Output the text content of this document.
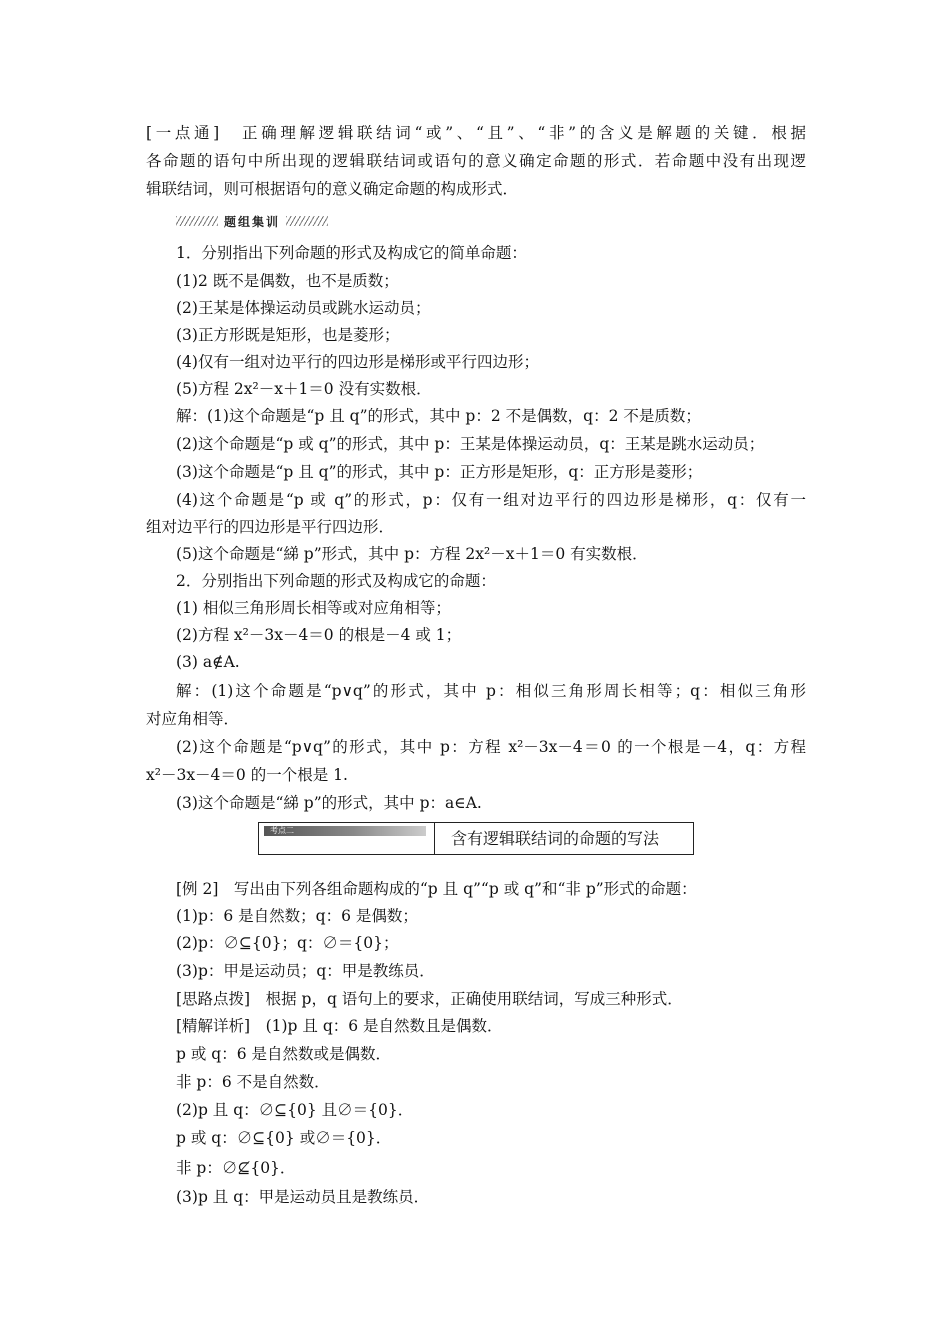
[一点通]　正确理解逻辑联结词“或”、“且”、“非”的含义是解题的关键．根据
各命题的语句中所出现的逻辑联结词或语句的意义确定命题的形式．若命题中没有出现逻
辑联结词，则可根据语句的意义确定命题的构成形式．
题组集训
1．分别指出下列命题的形式及构成它的简单命题：
(1)2 既不是偶数，也不是质数；
(2)王某是体操运动员或跳水运动员；
(3)正方形既是矩形，也是菱形；
(4)仅有一组对边平行的四边形是梯形或平行四边形；
(5)方程 2x²－x＋1＝0 没有实数根．
解：(1)这个命题是“p 且 q”的形式，其中 p：2 不是偶数，q：2 不是质数；
(2)这个命题是“p 或 q”的形式，其中 p：王某是体操运动员，q：王某是跳水运动员；
(3)这个命题是“p 且 q”的形式，其中 p：正方形是矩形，q：正方形是菱形；
(4)这个命题是“p 或 q”的形式，p：仅有一组对边平行的四边形是梯形，q：仅有一
组对边平行的四边形是平行四边形．
(5)这个命题是“綈 p”形式，其中 p：方程 2x²－x＋1＝0 有实数根．
2．分别指出下列命题的形式及构成它的命题：
(1) 相似三角形周长相等或对应角相等；
(2)方程 x²－3x－4＝0 的根是－4 或 1；
(3) a∉A.
解：(1)这个命题是“p∨q”的形式，其中 p：相似三角形周长相等；q：相似三角形
对应角相等．
(2)这个命题是“p∨q”的形式，其中 p：方程 x²－3x－4＝0 的一个根是－4，q：方程
x²－3x－4＝0 的一个根是 1.
(3)这个命题是“綈 p”的形式，其中 p：a∈A.
考点二	含有逻辑联结词的命题的写法
[例 2]　写出由下列各组命题构成的“p 且 q”“p 或 q”和“非 p”形式的命题：
(1)p：6 是自然数；q：6 是偶数；
(2)p：∅⊆{0}；q：∅＝{0}；
(3)p：甲是运动员；q：甲是教练员．
[思路点拨]　根据 p，q 语句上的要求，正确使用联结词，写成三种形式．
[精解详析]　(1)p 且 q：6 是自然数且是偶数．
p 或 q：6 是自然数或是偶数．
非 p：6 不是自然数．
(2)p 且 q：∅⊆{0} 且∅＝{0}．
p 或 q：∅⊆{0} 或∅＝{0}．
非 p：∅⊈{0}．
(3)p 且 q：甲是运动员且是教练员．
